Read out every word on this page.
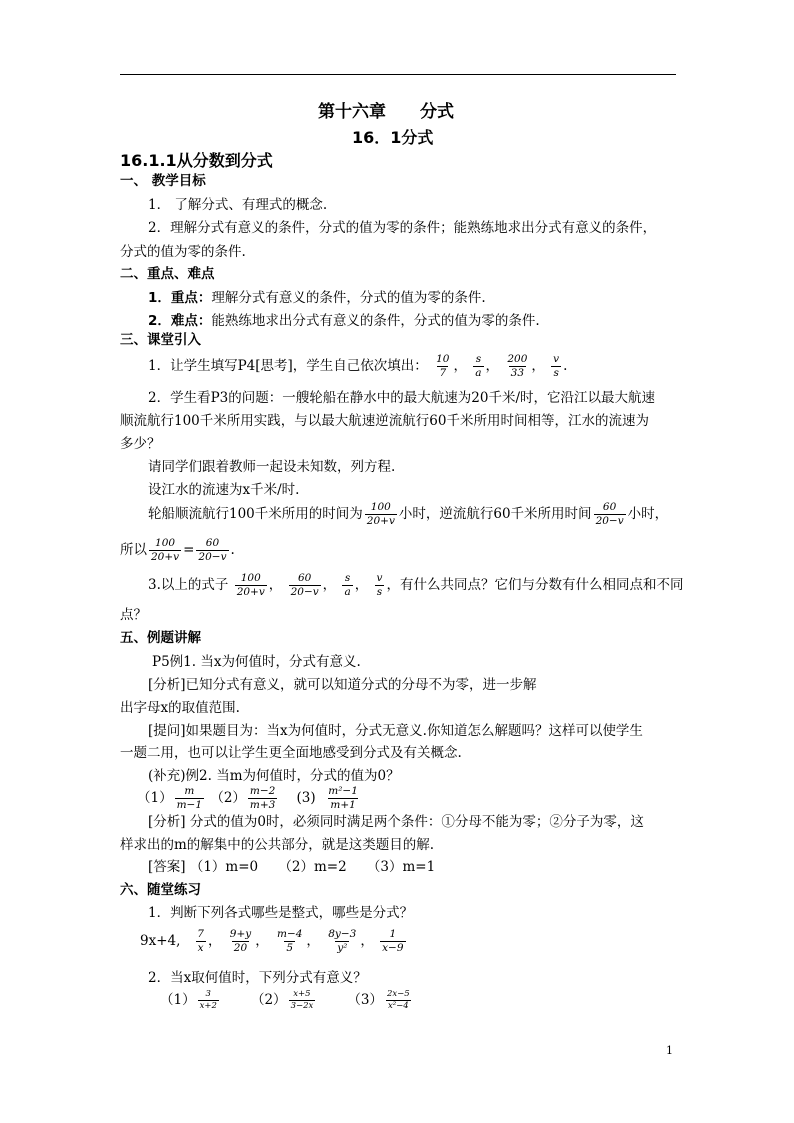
第十六章　　分式
16．1分式
16.1.1从分数到分式
一、 教学目标
1． 了解分式、有理式的概念.
2．理解分式有意义的条件，分式的值为零的条件；能熟练地求出分式有意义的条件，
分式的值为零的条件.
二、重点、难点
1．重点：理解分式有意义的条件，分式的值为零的条件.
2．难点：能熟练地求出分式有意义的条件，分式的值为零的条件.
三、课堂引入
1．让学生填写P4[思考]，学生自己依次填出： $\frac{10}{7}$ ， $\frac{s}{a}$ ， $\frac{200}{33}$ ， $\frac{v}{s}$ .
2．学生看P3的问题：一艘轮船在静水中的最大航速为20千米/时，它沿江以最大航速
顺流航行100千米所用实践，与以最大航速逆流航行60千米所用时间相等，江水的流速为
多少？
请同学们跟着教师一起设未知数，列方程.
设江水的流速为x千米/时.
轮船顺流航行100千米所用的时间为 $\frac{100}{20+v}$ 小时，逆流航行60千米所用时间 $\frac{60}{20-v}$ 小时，
所以 $\frac{100}{20+v} = \frac{60}{20-v}$ .
3.以上的式子 $\frac{100}{20+v}$ ， $\frac{60}{20-v}$ ， $\frac{s}{a}$ ， $\frac{v}{s}$ ，有什么共同点？它们与分数有什么相同点和不同
点？
五、例题讲解
P5例1. 当x为何值时，分式有意义.
[分析]已知分式有意义，就可以知道分式的分母不为零，进一步解
出字母x的取值范围.
[提问]如果题目为：当x为何值时，分式无意义.你知道怎么解题吗？这样可以使学生
一题二用，也可以让学生更全面地感受到分式及有关概念.
(补充)例2. 当m为何值时，分式的值为0？
$(1) \frac{m}{m-1} (2) \frac{m-2}{m+3} (3) \frac{\text{m²−1}}{m+1}$
[分析] 分式的值为0时，必须同时满足两个条件：①分母不能为零；②分子为零，这
样求出的m的解集中的公共部分，就是这类题目的解.
[答案] （1）m=0　　（2）m=2　　（3）m=1
六、随堂练习
1．判断下列各式哪些是整式，哪些是分式？
9x+4, $\frac{7}{x}$ ， $\frac{9+y}{20}$ ， $\frac{m-4}{5}$ ， $\frac{8y-3}{\text{y²}}$ ， $\frac{1}{x-9}$
2．当x取何值时，下列分式有意义？
$(1) \frac{3}{x+2} (2) \frac{x+5}{3-2x} (3) \frac{2x-5}{\text{x²−4}}$
1
